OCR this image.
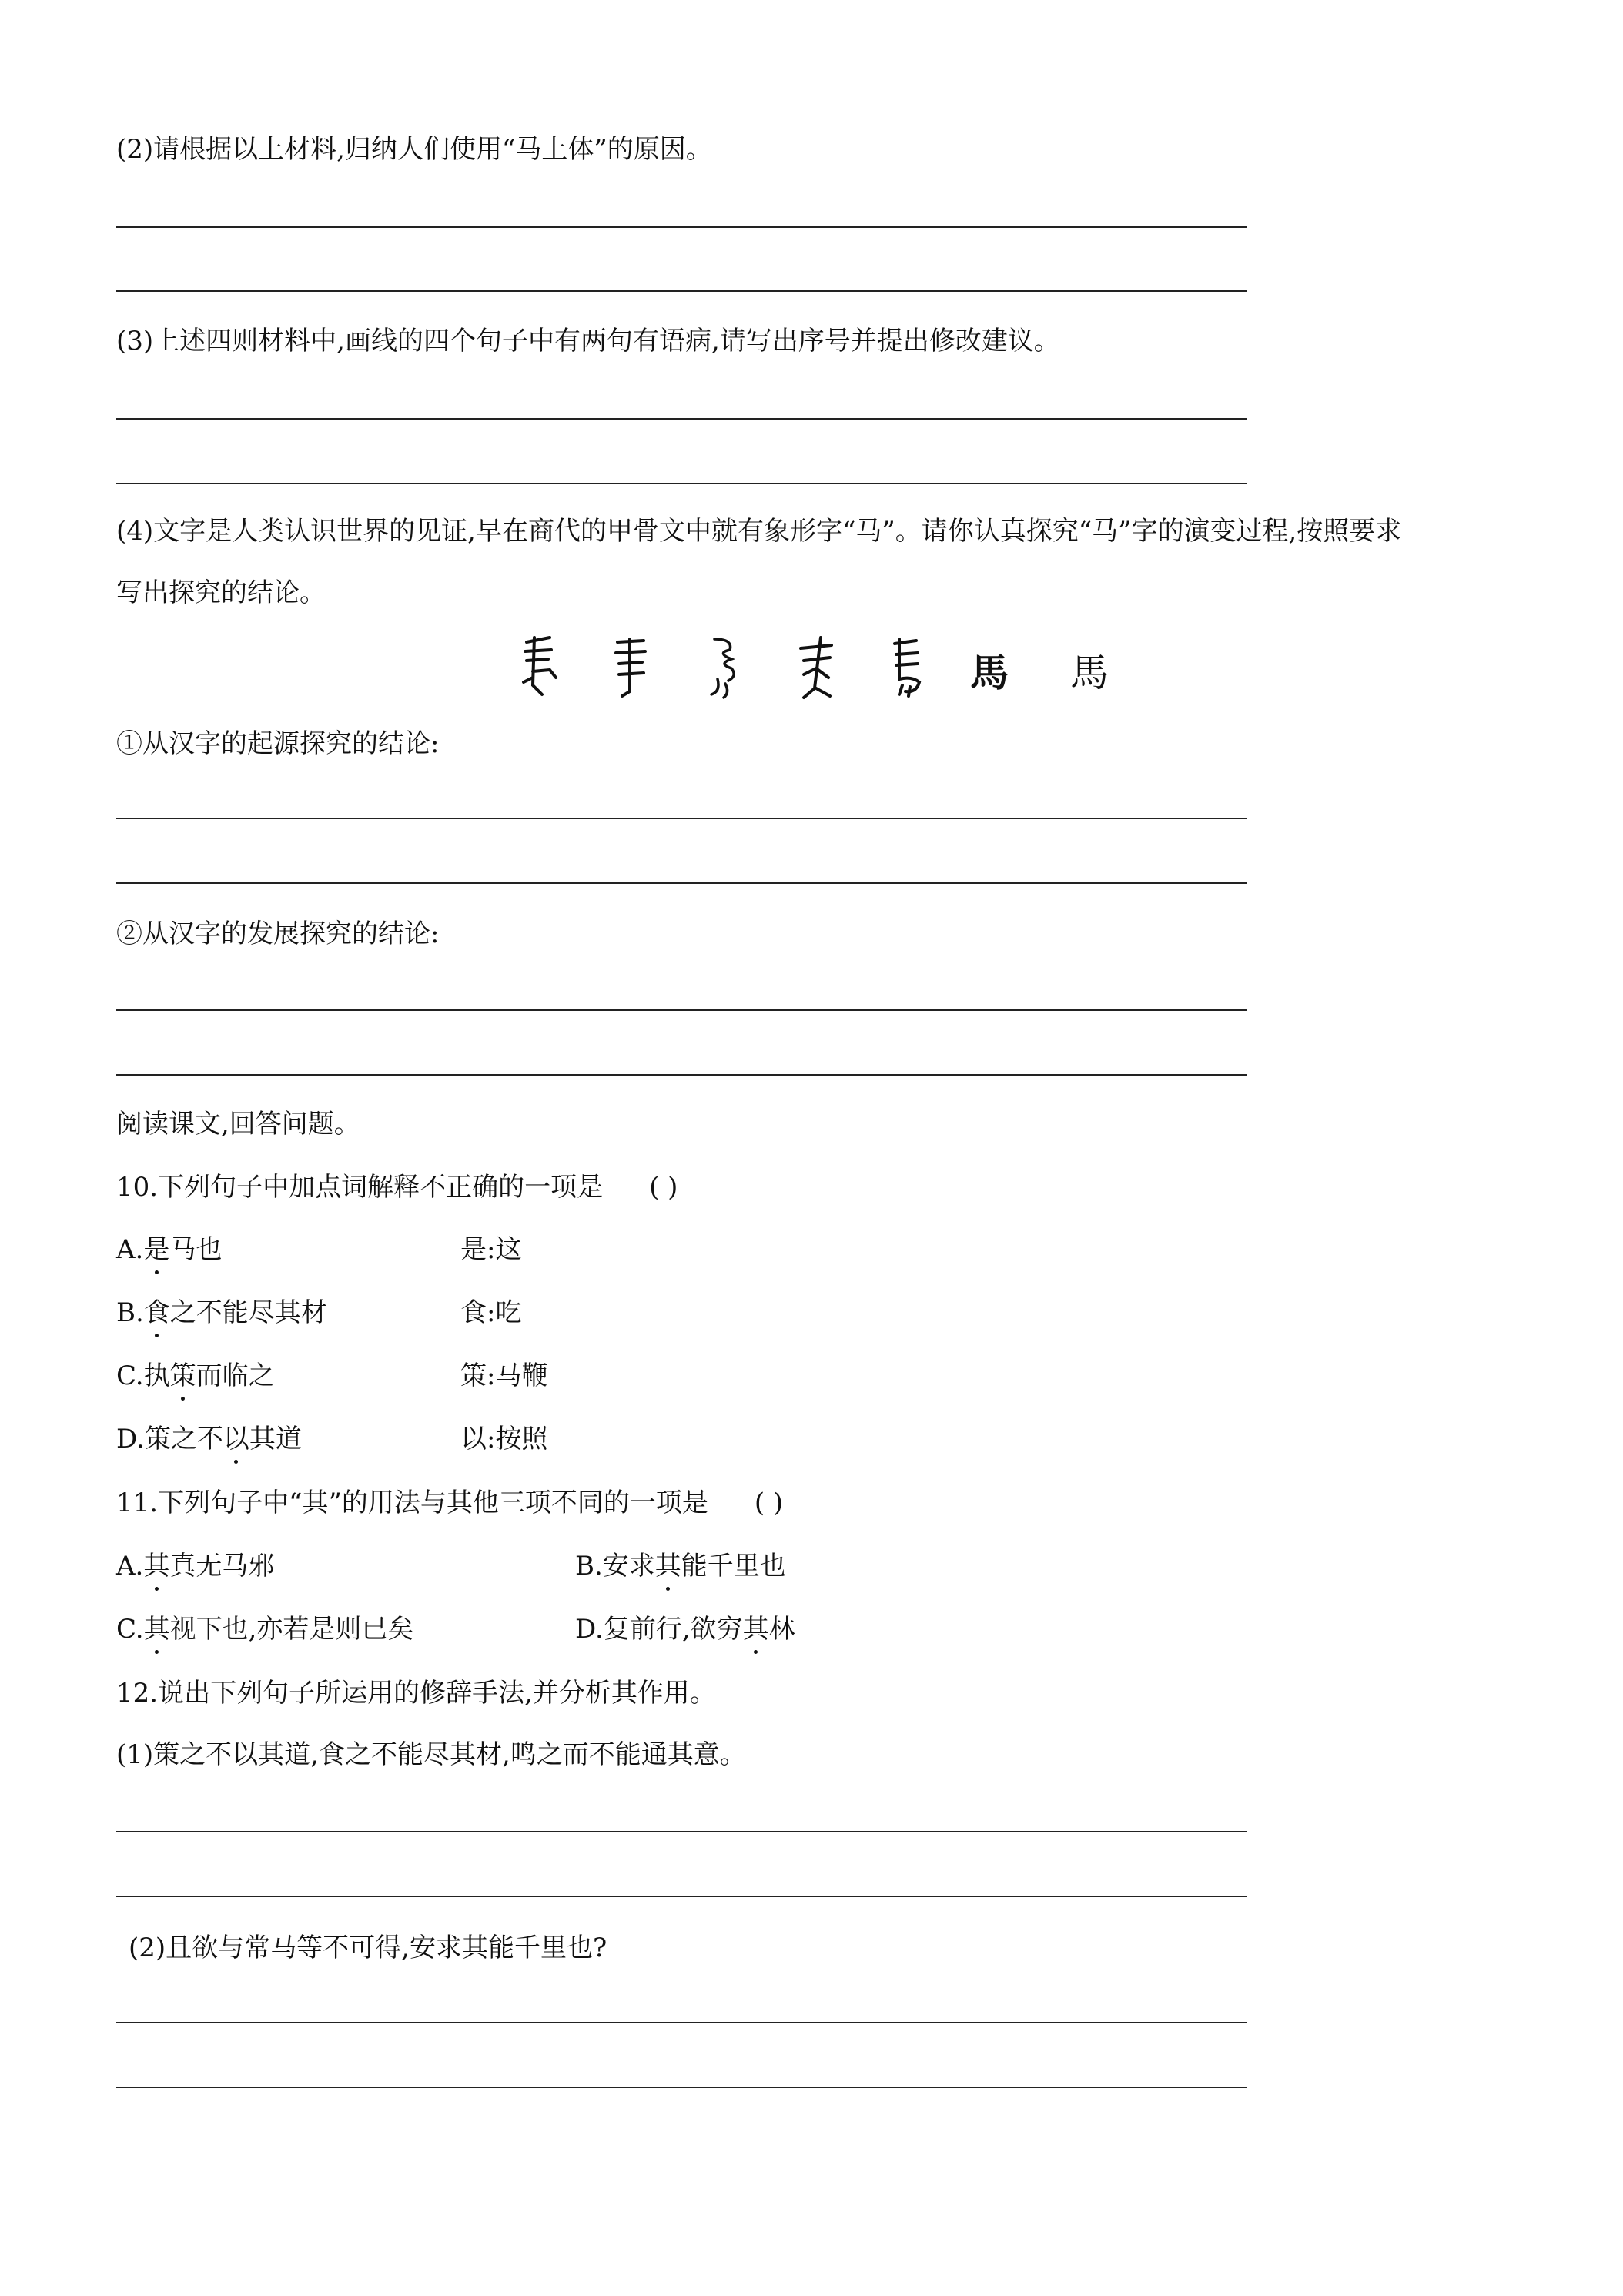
(2)请根据以上材料,归纳人们使用“马上体”的原因。
(3)上述四则材料中,画线的四个句子中有两句有语病,请写出序号并提出修改建议。
(4)文字是人类认识世界的见证,早在商代的甲骨文中就有象形字“马”。请你认真探究“马”字的演变过程,按照要求
写出探究的结论。
馬 馬
①从汉字的起源探究的结论:
②从汉字的发展探究的结论:
阅读课文,回答问题。
10.下列句子中加点词解释不正确的一项是 ( )
A.是马也	是:这
B.食之不能尽其材	食:吃
C.执策而临之	策:马鞭
D.策之不以其道	以:按照
11.下列句子中“其”的用法与其他三项不同的一项是 ( )
A.其真无马邪	B.安求其能千里也
C.其视下也,亦若是则已矣	D.复前行,欲穷其林
12.说出下列句子所运用的修辞手法,并分析其作用。
(1)策之不以其道,食之不能尽其材,鸣之而不能通其意。
(2)且欲与常马等不可得,安求其能千里也?
